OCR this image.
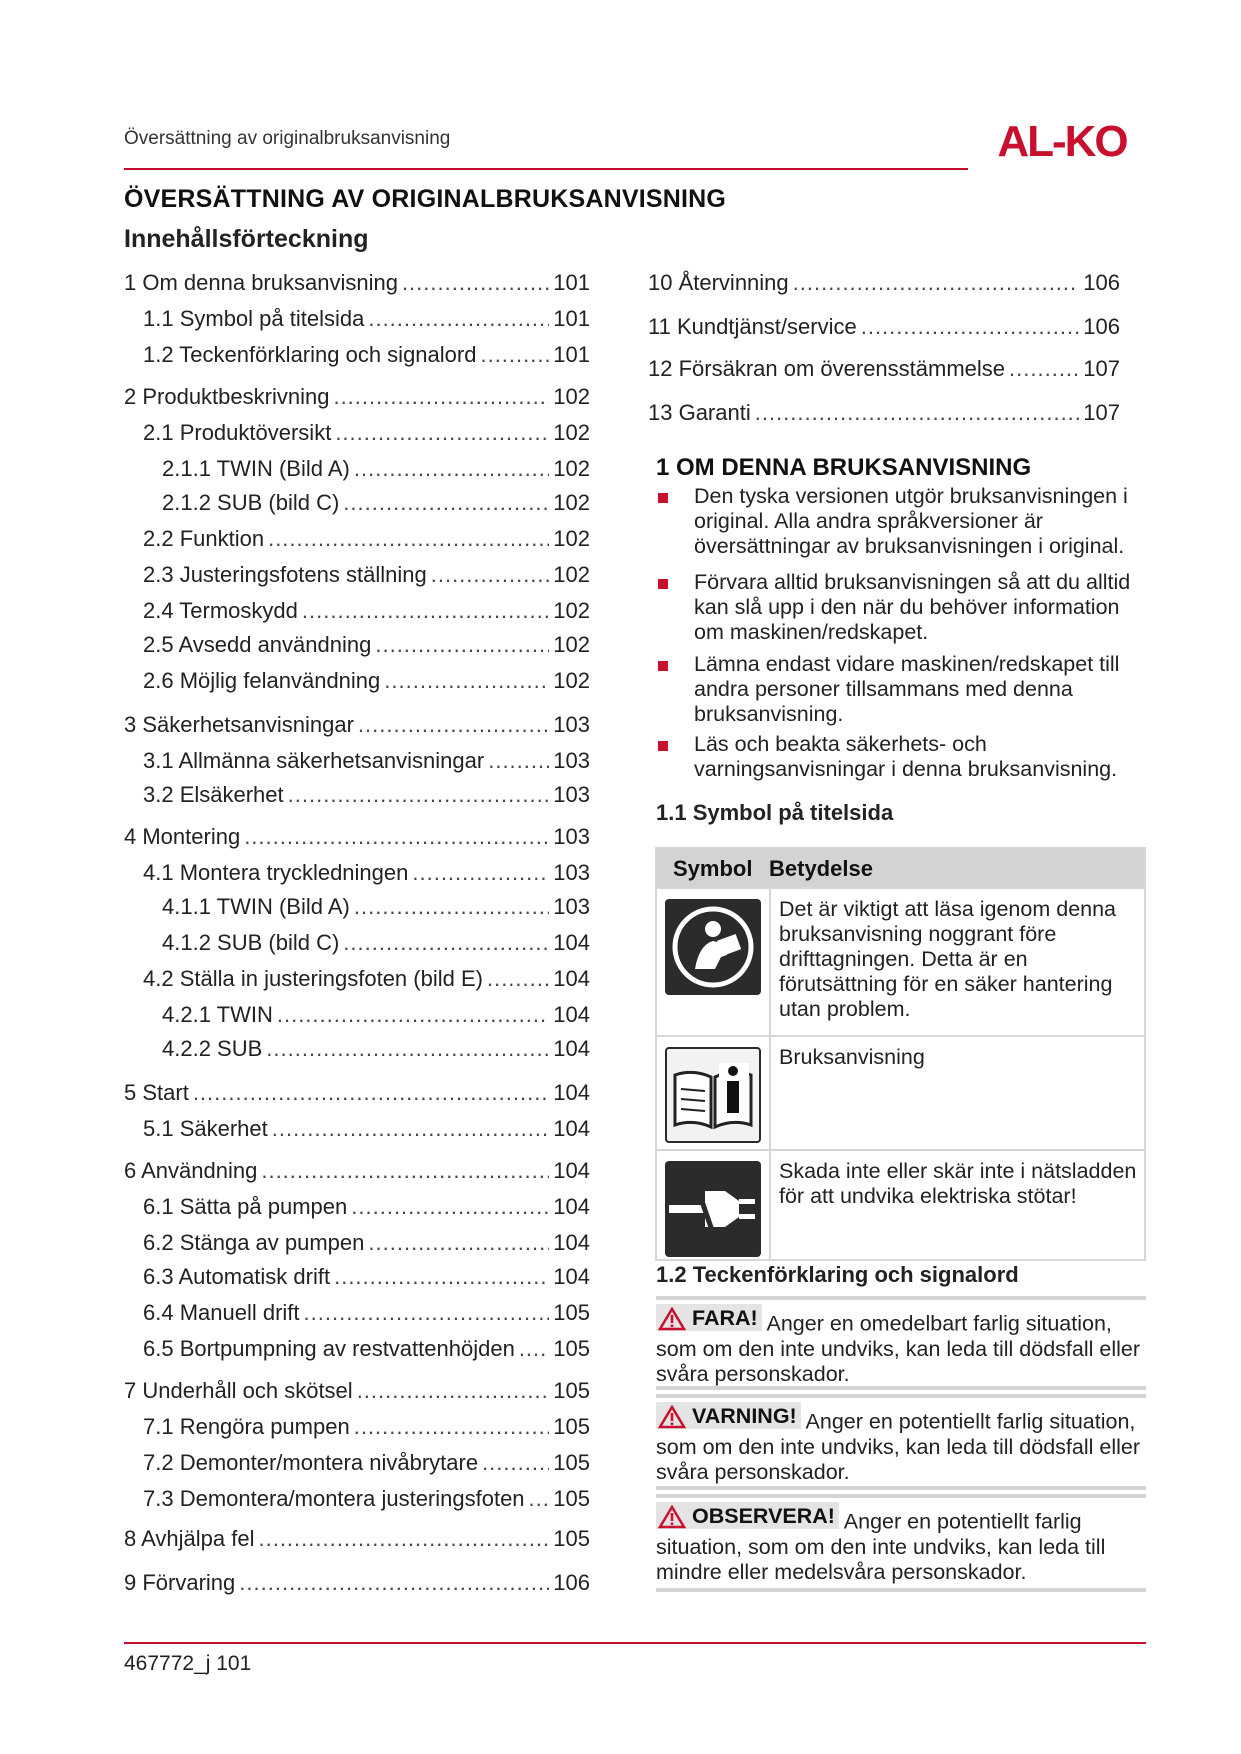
Översättning av originalbruksanvisning	AL-KO
ÖVERSÄTTNING AV ORIGINALBRUKSANVISNING
Innehållsförteckning
1 Om denna bruksanvisning .....	101
1.1 Symbol på titelsida .....	101
1.2 Teckenförklaring och signalord .....	101
2 Produktbeskrivning .....	102
2.1 Produktöversikt .....	102
2.1.1 TWIN (Bild A) .....	102
2.1.2 SUB (bild C) .....	102
2.2 Funktion .....	102
2.3 Justeringsfotens ställning .....	102
2.4 Termoskydd .....	102
2.5 Avsedd användning .....	102
2.6 Möjlig felanvändning .....	102
3 Säkerhetsanvisningar .....	103
3.1 Allmänna säkerhetsanvisningar .....	103
3.2 Elsäkerhet .....	103
4 Montering .....	103
4.1 Montera tryckledningen .....	103
4.1.1 TWIN (Bild A) .....	103
4.1.2 SUB (bild C) .....	104
4.2 Ställa in justeringsfoten (bild E) .....	104
4.2.1 TWIN .....	104
4.2.2 SUB .....	104
5 Start .....	104
5.1 Säkerhet .....	104
6 Användning .....	104
6.1 Sätta på pumpen .....	104
6.2 Stänga av pumpen .....	104
6.3 Automatisk drift .....	104
6.4 Manuell drift .....	105
6.5 Bortpumpning av restvattenhöjden ..... 105
7 Underhåll och skötsel .....	105
7.1 Rengöra pumpen .....	105
7.2 Demonter/montera nivåbrytare .....	105
7.3 Demontera/montera justeringsfoten ..... 105
8 Avhjälpa fel .....	105
9 Förvaring .....	106
10 Återvinning .....	106
11 Kundtjänst/service .....	106
12 Försäkran om överensstämmelse .....	107
13 Garanti .....	107
1 OM DENNA BRUKSANVISNING
Den tyska versionen utgör bruksanvisningen i original. Alla andra språkversioner är översättningar av bruksanvisningen i original.
Förvara alltid bruksanvisningen så att du alltid kan slå upp i den när du behöver information om maskinen/redskapet.
Lämna endast vidare maskinen/redskapet till andra personer tillsammans med denna bruksanvisning.
Läs och beakta säkerhets- och varningsanvisningar i denna bruksanvisning.
1.1 Symbol på titelsida
Symbol Betydelse
Det är viktigt att läsa igenom denna bruksanvisning noggrant före drifttagningen. Detta är en förutsättning för en säker hantering utan problem.
Bruksanvisning
Skada inte eller skär inte i nätsladden för att undvika elektriska stötar!
1.2 Teckenförklaring och signalord
FARA! Anger en omedelbart farlig situation, som om den inte undviks, kan leda till dödsfall eller svåra personskador.
VARNING! Anger en potentiellt farlig situation, som om den inte undviks, kan leda till dödsfall eller svåra personskador.
OBSERVERA! Anger en potentiellt farlig situation, som om den inte undviks, kan leda till mindre eller medelsvåra personskador.
467772_j 101
